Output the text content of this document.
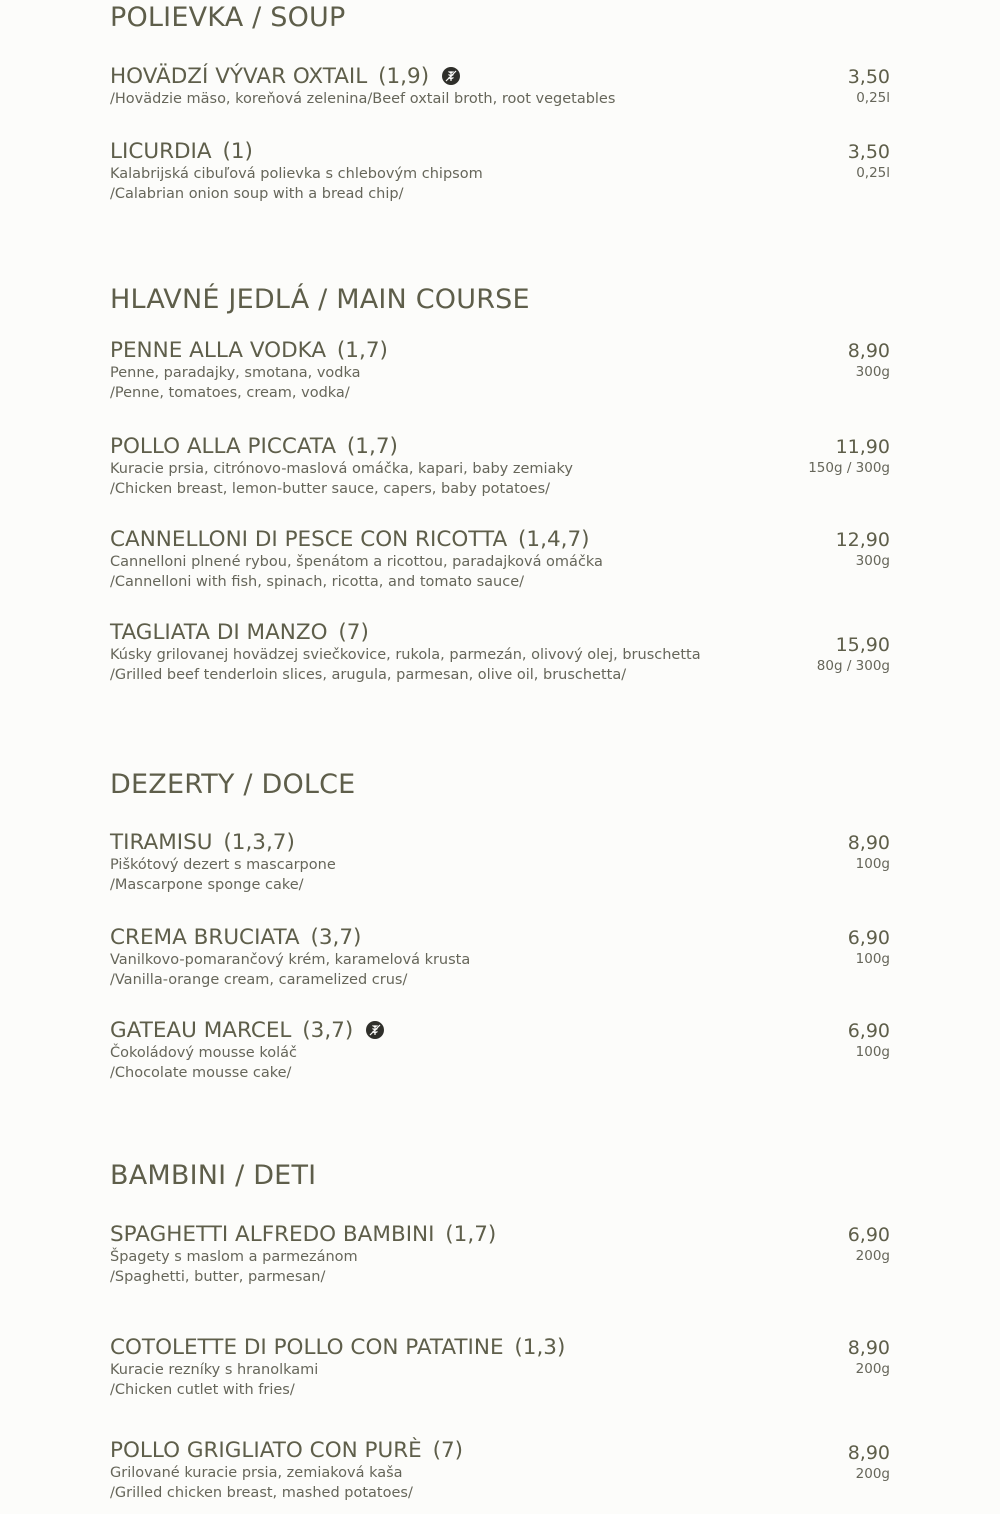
POLIEVKA / SOUP
HOVÄDZÍ VÝVAR OXTAIL (1,9)
/Hovädzie mäso, koreňová zelenina/Beef oxtail broth, root vegetables
3,50
0,25l
LICURDIA (1)
Kalabrijská cibuľová polievka s chlebovým chipsom
/Calabrian onion soup with a bread chip/
3,50
0,25l
HLAVNÉ JEDLÁ / MAIN COURSE
PENNE ALLA VODKA (1,7)
Penne, paradajky, smotana, vodka
/Penne, tomatoes, cream, vodka/
8,90
300g
POLLO ALLA PICCATA (1,7)
Kuracie prsia, citrónovo-maslová omáčka, kapari, baby zemiaky
/Chicken breast, lemon-butter sauce, capers, baby potatoes/
11,90
150g / 300g
CANNELLONI DI PESCE CON RICOTTA (1,4,7)
Cannelloni plnené rybou, špenátom a ricottou, paradajková omáčka
/Cannelloni with fish, spinach, ricotta, and tomato sauce/
12,90
300g
TAGLIATA DI MANZO (7)
Kúsky grilovanej hovädzej sviečkovice, rukola, parmezán, olivový olej, bruschetta
/Grilled beef tenderloin slices, arugula, parmesan, olive oil, bruschetta/
15,90
80g / 300g
DEZERTY / DOLCE
TIRAMISU (1,3,7)
Piškótový dezert s mascarpone
/Mascarpone sponge cake/
8,90
100g
CREMA BRUCIATA (3,7)
Vanilkovo-pomarančový krém, karamelová krusta
/Vanilla-orange cream, caramelized crus/
6,90
100g
GATEAU MARCEL (3,7)
Čokoládový mousse koláč
/Chocolate mousse cake/
6,90
100g
BAMBINI / DETI
SPAGHETTI ALFREDO BAMBINI (1,7)
Špagety s maslom a parmezánom
/Spaghetti, butter, parmesan/
6,90
200g
COTOLETTE DI POLLO CON PATATINE (1,3)
Kuracie rezníky s hranolkami
/Chicken cutlet with fries/
8,90
200g
POLLO GRIGLIATO CON PURÈ (7)
Grilované kuracie prsia, zemiaková kaša
/Grilled chicken breast, mashed potatoes/
8,90
200g
